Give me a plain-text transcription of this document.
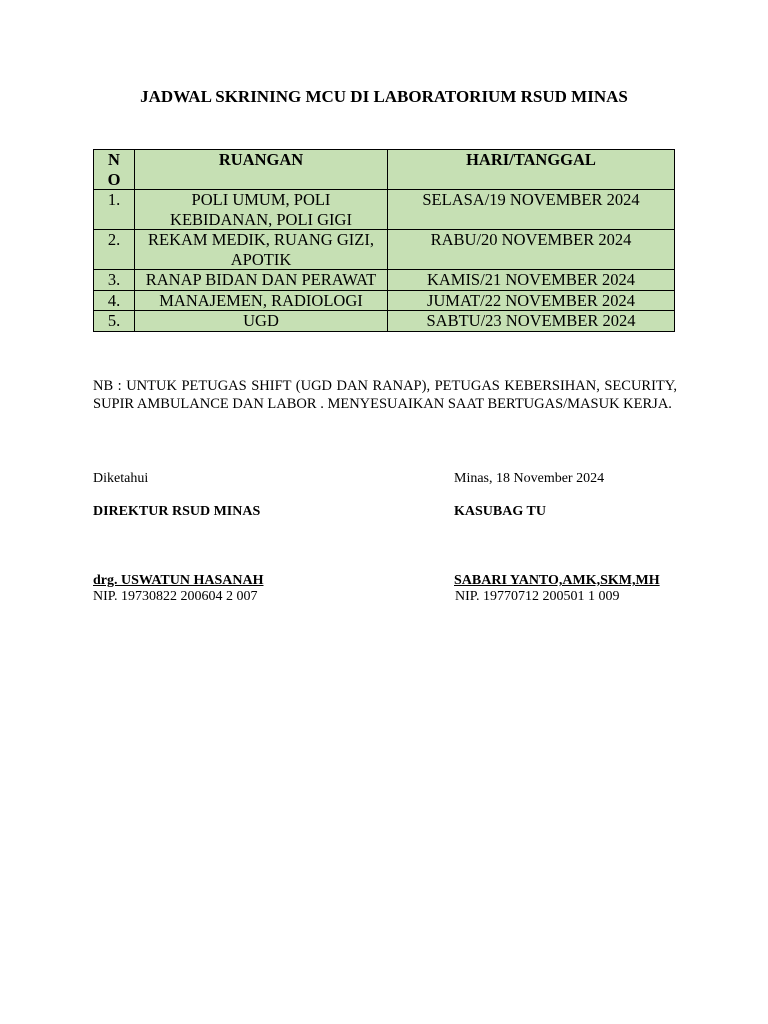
JADWAL SKRINING MCU DI LABORATORIUM RSUD MINAS
NO	RUANGAN	HARI/TANGGAL
1.	POLI UMUM, POLI KEBIDANAN, POLI GIGI	SELASA/19 NOVEMBER 2024
2.	REKAM MEDIK, RUANG GIZI, APOTIK	RABU/20 NOVEMBER 2024
3.	RANAP BIDAN DAN PERAWAT	KAMIS/21 NOVEMBER 2024
4.	MANAJEMEN, RADIOLOGI	JUMAT/22 NOVEMBER 2024
5.	UGD	SABTU/23 NOVEMBER 2024
NB : UNTUK PETUGAS SHIFT (UGD DAN RANAP), PETUGAS KEBERSIHAN, SECURITY, SUPIR AMBULANCE DAN LABOR . MENYESUAIKAN SAAT BERTUGAS/MASUK KERJA.
Diketahui
DIREKTUR RSUD MINAS
drg. USWATUN HASANAH
NIP. 19730822 200604 2 007
Minas, 18 November 2024
KASUBAG TU
SABARI YANTO,AMK,SKM,MH
NIP. 19770712 200501 1 009
